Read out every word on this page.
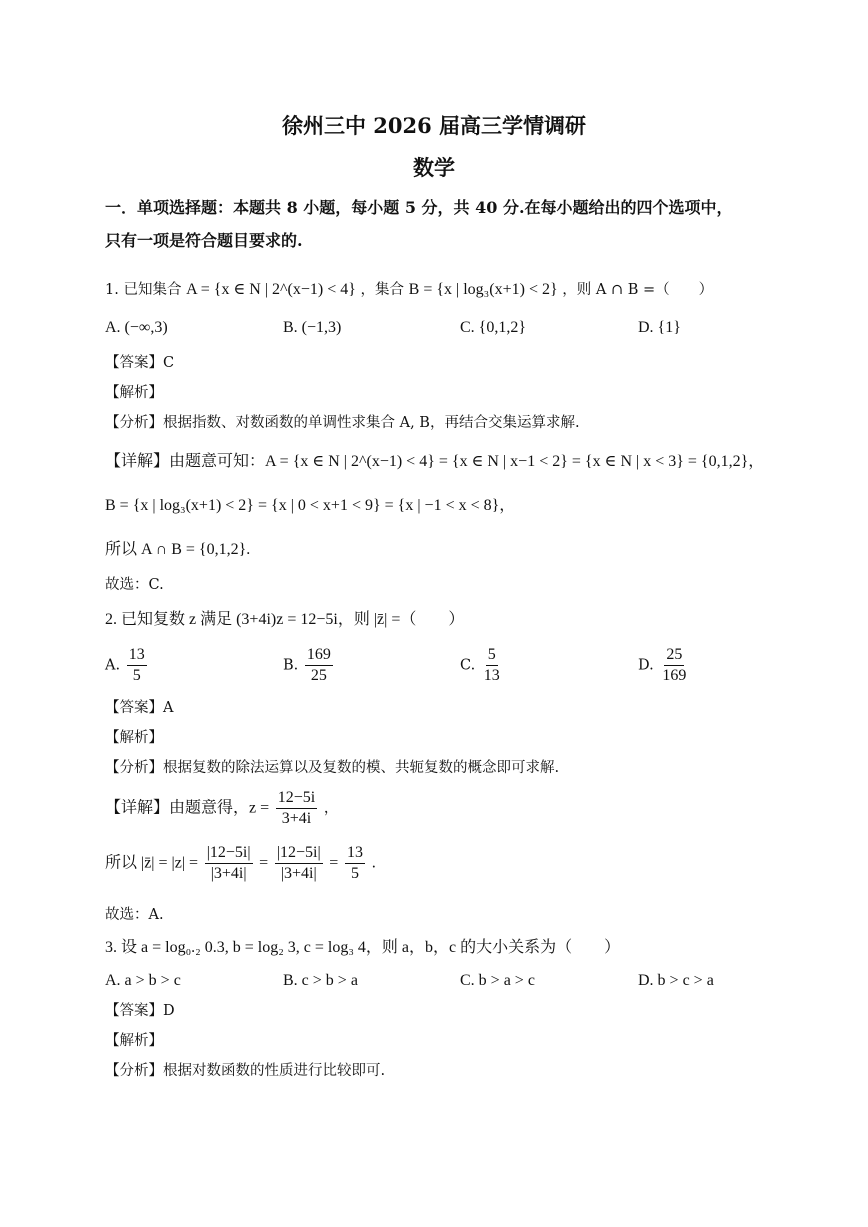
徐州三中 2026 届高三学情调研
数学
一．单项选择题：本题共 8 小题，每小题 5 分，共 40 分.在每小题给出的四个选项中，
只有一项是符合题目要求的.
1. 已知集合 A = {x ∈ N | 2^(x−1) < 4} ，集合 B = {x | log₃(x+1) < 2} ，则 A ∩ B =（　　）
A. (−∞,3)	B. (−1,3)	C. {0,1,2}	D. {1}
【答案】C
【解析】
【分析】根据指数、对数函数的单调性求集合 A, B，再结合交集运算求解.
【详解】由题意可知：A = {x ∈ N | 2^(x−1) < 4} = {x ∈ N | x−1 < 2} = {x ∈ N | x < 3} = {0,1,2}，
B = {x | log₃(x+1) < 2} = {x | 0 < x+1 < 9} = {x | −1 < x < 8}，
所以 A ∩ B = {0,1,2}.
故选：C.
2. 已知复数 z 满足 (3+4i)z = 12−5i，则 |z̄| =（　　）
A. $\frac{13}{5}$	B. $\frac{169}{25}$	C. $\frac{5}{13}$	D. $\frac{25}{169}$
【答案】A
【解析】
【分析】根据复数的除法运算以及复数的模、共轭复数的概念即可求解.
【详解】由题意得，$z = \frac{12-5i}{3+4i}$ ，
所以 |z̄| = $|z| = \frac{|12-5i|}{|3+4i|} = \frac{|12-5i|}{|3+4i|} = \frac{13}{5}$ .
故选：A.
3. 设 a = log₀.₂ 0.3, b = log₂ 3, c = log₃ 4，则 a，b，c 的大小关系为（　　）
A. a > b > c	B. c > b > a	C. b > a > c	D. b > c > a
【答案】D
【解析】
【分析】根据对数函数的性质进行比较即可.
